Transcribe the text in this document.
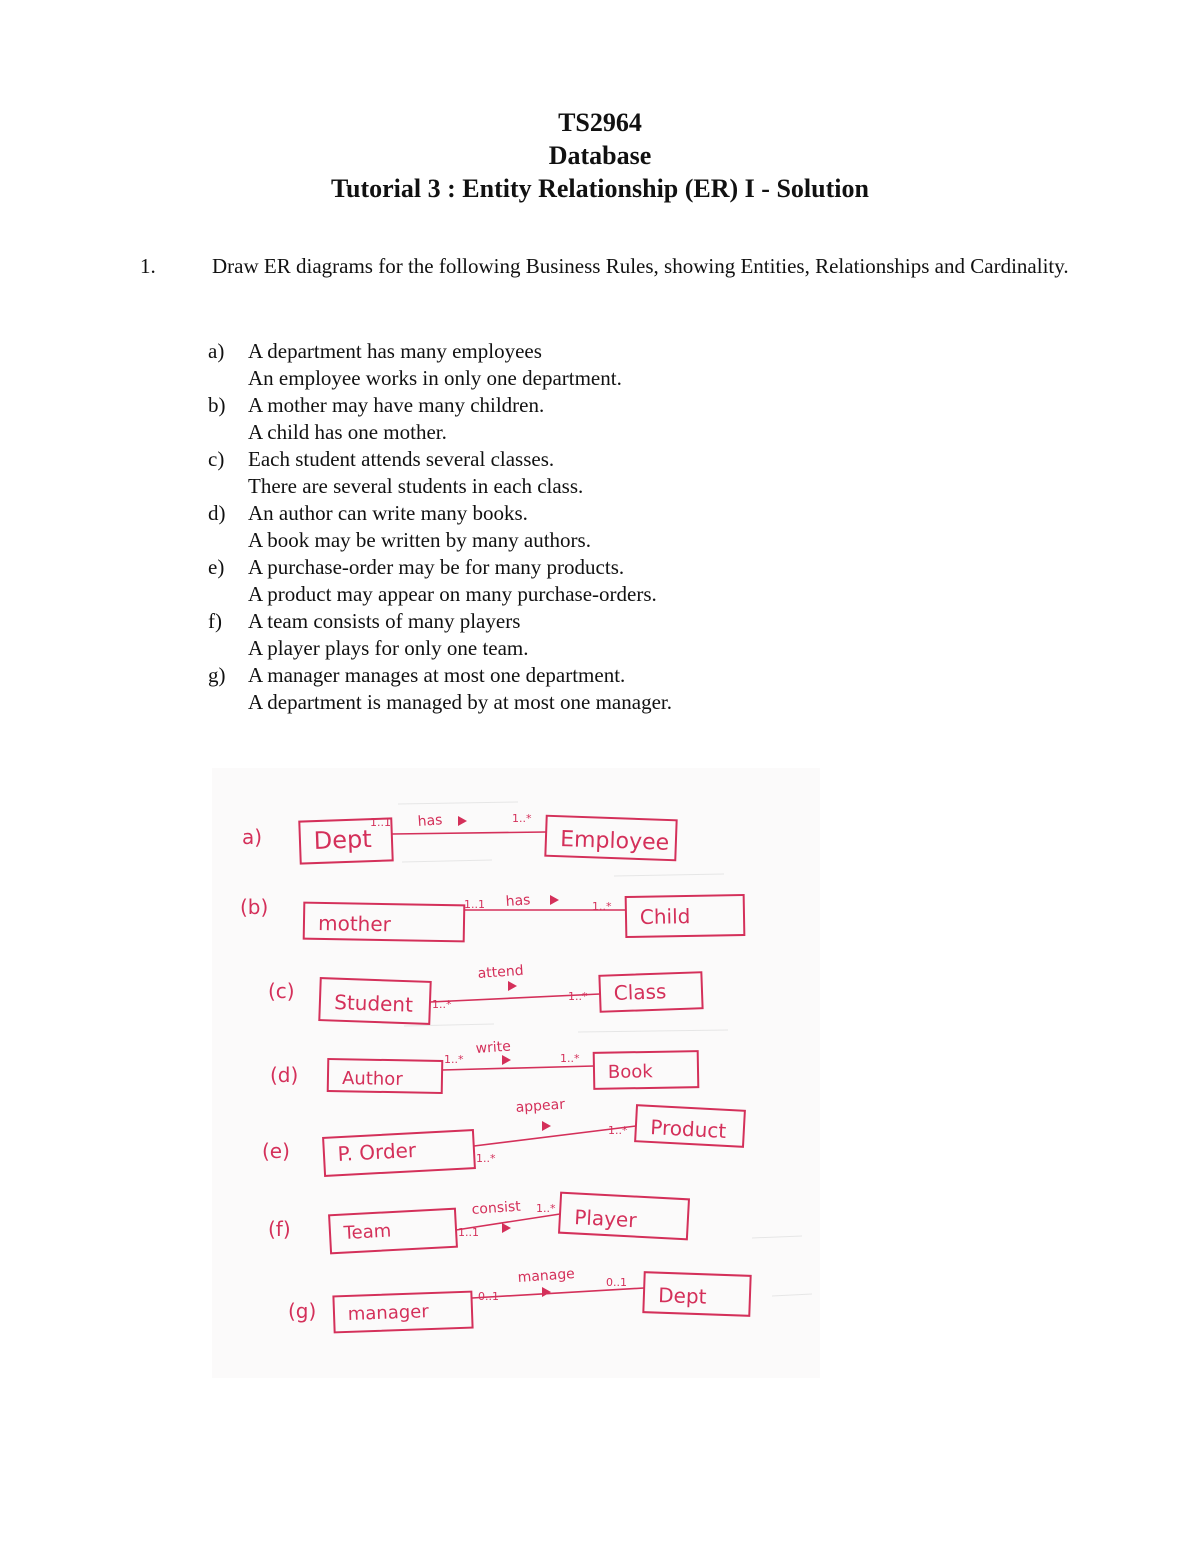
TS2964
Database
Tutorial 3 : Entity Relationship (ER) I - Solution
1.	Draw ER diagrams for the following Business Rules, showing Entities, Relationships and Cardinality.
a) A department has many employees
An employee works in only one department.
b) A mother may have many children.
A child has one mother.
c) Each student attends several classes.
There are several students in each class.
d) An author can write many books.
A book may be written by many authors.
e) A purchase-order may be for many products.
A product may appear on many purchase-orders.
f) A team consists of many players
A player plays for only one team.
g) A manager manages at most one department.
A department is managed by at most one manager.
a) Dept	Employee
has
1..1	1..*
(b)
mother	Child
has
1..1	1..*
(c) Student	Class
attend
1..*
1..*
(d) Author	Book
write
1..*	1..*
(e) P. Order
Product
appear
1..*
1..*
(f)	Team
Player
consist
1..1
1..*
(g) manager
Dept
manage
0..1
0..1
